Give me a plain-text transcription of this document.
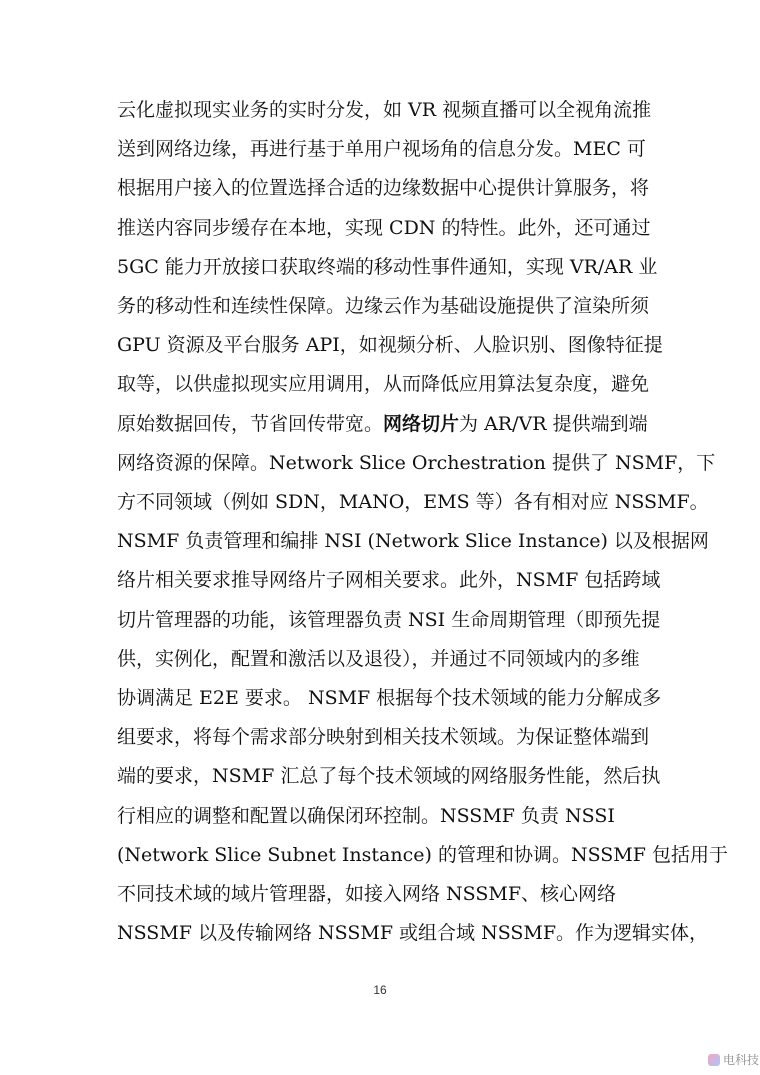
云化虚拟现实业务的实时分发，如 VR 视频直播可以全视角流推
送到网络边缘，再进行基于单用户视场角的信息分发。MEC 可
根据用户接入的位置选择合适的边缘数据中心提供计算服务，将
推送内容同步缓存在本地，实现 CDN 的特性。此外，还可通过
5GC 能力开放接口获取终端的移动性事件通知，实现 VR/AR 业
务的移动性和连续性保障。边缘云作为基础设施提供了渲染所须
GPU 资源及平台服务 API，如视频分析、人脸识别、图像特征提
取等，以供虚拟现实应用调用，从而降低应用算法复杂度，避免
原始数据回传，节省回传带宽。网络切片为 AR/VR 提供端到端
网络资源的保障。Network Slice Orchestration 提供了 NSMF，下
方不同领域（例如 SDN，MANO，EMS 等）各有相对应 NSSMF。
NSMF 负责管理和编排 NSI (Network Slice Instance) 以及根据网
络片相关要求推导网络片子网相关要求。此外，NSMF 包括跨域
切片管理器的功能，该管理器负责 NSI 生命周期管理（即预先提
供，实例化，配置和激活以及退役），并通过不同领域内的多维
协调满足 E2E 要求。 NSMF 根据每个技术领域的能力分解成多
组要求，将每个需求部分映射到相关技术领域。为保证整体端到
端的要求，NSMF 汇总了每个技术领域的网络服务性能，然后执
行相应的调整和配置以确保闭环控制。NSSMF 负责 NSSI
(Network Slice Subnet Instance) 的管理和协调。NSSMF 包括用于
不同技术域的域片管理器，如接入网络 NSSMF、核心网络
NSSMF 以及传输网络 NSSMF 或组合域 NSSMF。作为逻辑实体，
16
电科技
